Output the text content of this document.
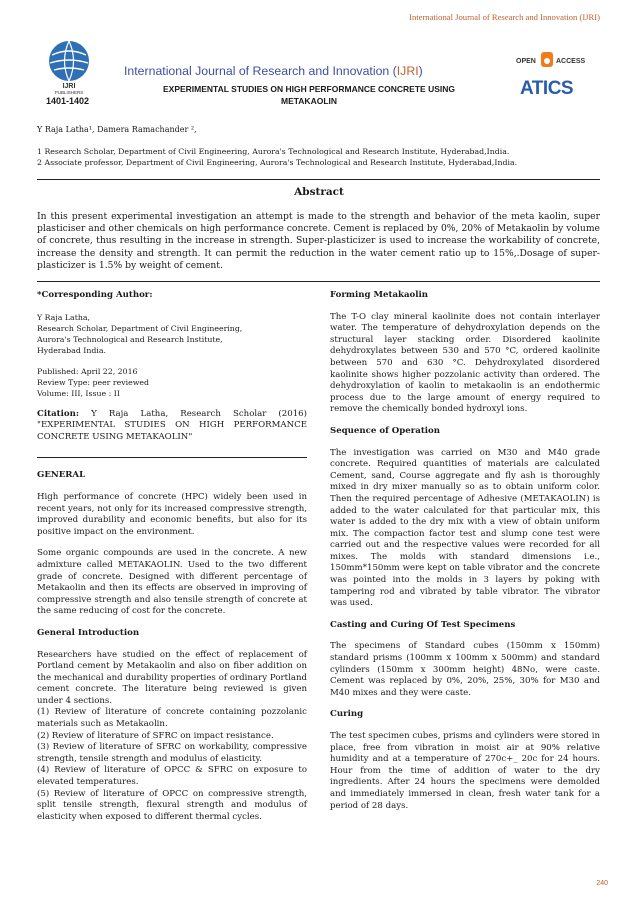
International Journal of Research and Innovation (IJRI)
IJRI
PUBLISHERS
1401-1402
International Journal of Research and Innovation (IJRI)
EXPERIMENTAL STUDIES ON HIGH PERFORMANCE CONCRETE USING
METAKAOLIN
OPEN	ACCESS
ATICS
Y Raja Latha¹, Damera Ramachander ²,
1 Research Scholar, Department of Civil Engineering, Aurora's Technological and Research Institute, Hyderabad,India.
2 Associate professor, Department of Civil Engineering, Aurora's Technological and Research Institute, Hyderabad,India.
Abstract
In this present experimental investigation an attempt is made to the strength and behavior of the meta kaolin, super plasticiser and other chemicals on high performance concrete. Cement is replaced by 0%, 20% of Metakaolin by volume of concrete, thus resulting in the increase in strength. Super-plasticizer is used to increase the workability of concrete, increase the density and strength. It can permit the reduction in the water cement ratio up to 15%,.Dosage of super-plasticizer is 1.5% by weight of cement.

*Corresponding Author:

Y Raja Latha,

Research Scholar, Department of Civil Engineering,

Aurora's Technological and Research Institute,

Hyderabad India.

Published: April 22, 2016

Review Type: peer reviewed

Volume: III, Issue : II

Citation: Y Raja Latha, Research Scholar (2016) "EXPERIMENTAL STUDIES ON HIGH PERFORMANCE CONCRETE USING METAKAOLIN"

GENERAL

High performance of concrete (HPC) widely been used in recent years, not only for its increased compressive strength, improved durability and economic benefits, but also for its positive impact on the environment.

Some organic compounds are used in the concrete. A new admixture called METAKAOLIN. Used to the two different grade of concrete. Designed with different percentage of Metakaolin and then its effects are observed in improving of compressive strength and also tensile strength of concrete at the same reducing of cost for the concrete.

General Introduction

Researchers have studied on the effect of replacement of Portland cement by Metakaolin and also on fiber addition on the mechanical and durability properties of ordinary Portland cement concrete. The literature being reviewed is given under 4 sections.

(1) Review of literature of concrete containing pozzolanic materials such as Metakaolin.

(2) Review of literature of SFRC on impact resistance.

(3) Review of literature of SFRC on workability, compressive strength, tensile strength and modulus of elasticity.

(4) Review of literature of OPCC & SFRC on exposure to elevated temperatures.

(5) Review of literature of OPCC on compressive strength, split tensile strength, flexural strength and modulus of elasticity when exposed to different thermal cycles.

Forming Metakaolin

The T-O clay mineral kaolinite does not contain interlayer water. The temperature of dehydroxylation depends on the structural layer stacking order. Disordered kaolinite dehydroxylates between 530 and 570 °C, ordered kaolinite between 570 and 630 °C. Dehydroxylated disordered kaolinite shows higher pozzolanic activity than ordered. The dehydroxylation of kaolin to metakaolin is an endothermic process due to the large amount of energy required to remove the chemically bonded hydroxyl ions.

Sequence of Operation

The investigation was carried on M30 and M40 grade concrete. Required quantities of materials are calculated Cement, sand, Course aggregate and fly ash is thoroughly mixed in dry mixer manually so as to obtain uniform color. Then the required percentage of Adhesive (METAKAOLIN) is added to the water calculated for that particular mix, this water is added to the dry mix with a view of obtain uniform mix. The compaction factor test and slump cone test were carried out and the respective values were recorded for all mixes. The molds with standard dimensions i.e., 150mm*150mm were kept on table vibrator and the concrete was pointed into the molds in 3 layers by poking with tampering rod and vibrated by table vibrator. The vibrator was used.

Casting and Curing Of Test Specimens

The specimens of Standard cubes (150mm x 150mm) standard prisms (100mm x 100mm x 500mm) and standard cylinders (150mm x 300mm height) 48No, were caste. Cement was replaced by 0%, 20%, 25%, 30% for M30 and M40 mixes and they were caste.

Curing

The test specimen cubes, prisms and cylinders were stored in place, free from vibration in moist air at 90% relative humidity and at a temperature of 270c+_ 20c for 24 hours. Hour from the time of addition of water to the dry ingredients. After 24 hours the specimens were demolded and immediately immersed in clean, fresh water tank for a period of 28 days.

240
